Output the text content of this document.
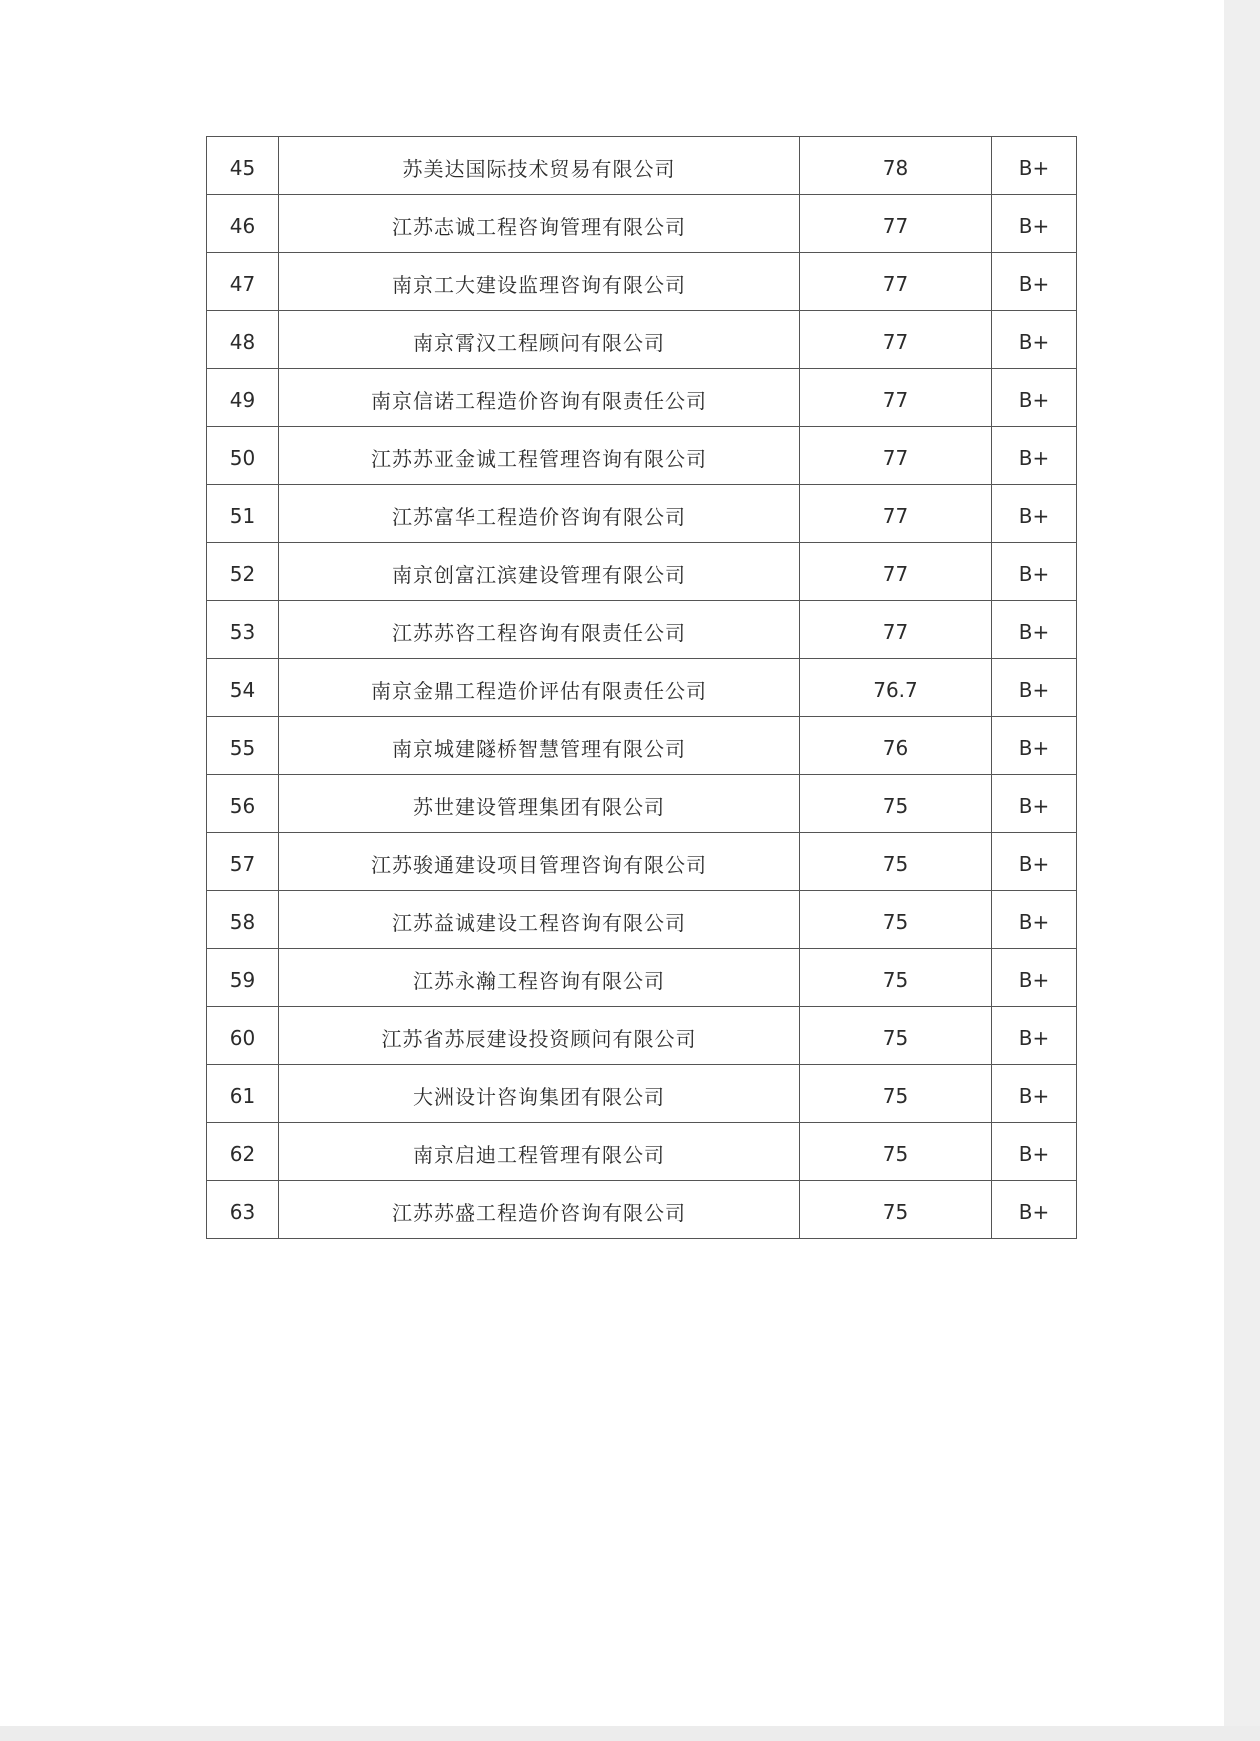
45	苏美达国际技术贸易有限公司	78	B+
46	江苏志诚工程咨询管理有限公司	77	B+
47	南京工大建设监理咨询有限公司	77	B+
48	南京霄汉工程顾问有限公司	77	B+
49	南京信诺工程造价咨询有限责任公司	77	B+
50	江苏苏亚金诚工程管理咨询有限公司	77	B+
51	江苏富华工程造价咨询有限公司	77	B+
52	南京创富江滨建设管理有限公司	77	B+
53	江苏苏咨工程咨询有限责任公司	77	B+
54	南京金鼎工程造价评估有限责任公司	76.7	B+
55	南京城建隧桥智慧管理有限公司	76	B+
56	苏世建设管理集团有限公司	75	B+
57	江苏骏通建设项目管理咨询有限公司	75	B+
58	江苏益诚建设工程咨询有限公司	75	B+
59	江苏永瀚工程咨询有限公司	75	B+
60	江苏省苏辰建设投资顾问有限公司	75	B+
61	大洲设计咨询集团有限公司	75	B+
62	南京启迪工程管理有限公司	75	B+
63	江苏苏盛工程造价咨询有限公司	75	B+
